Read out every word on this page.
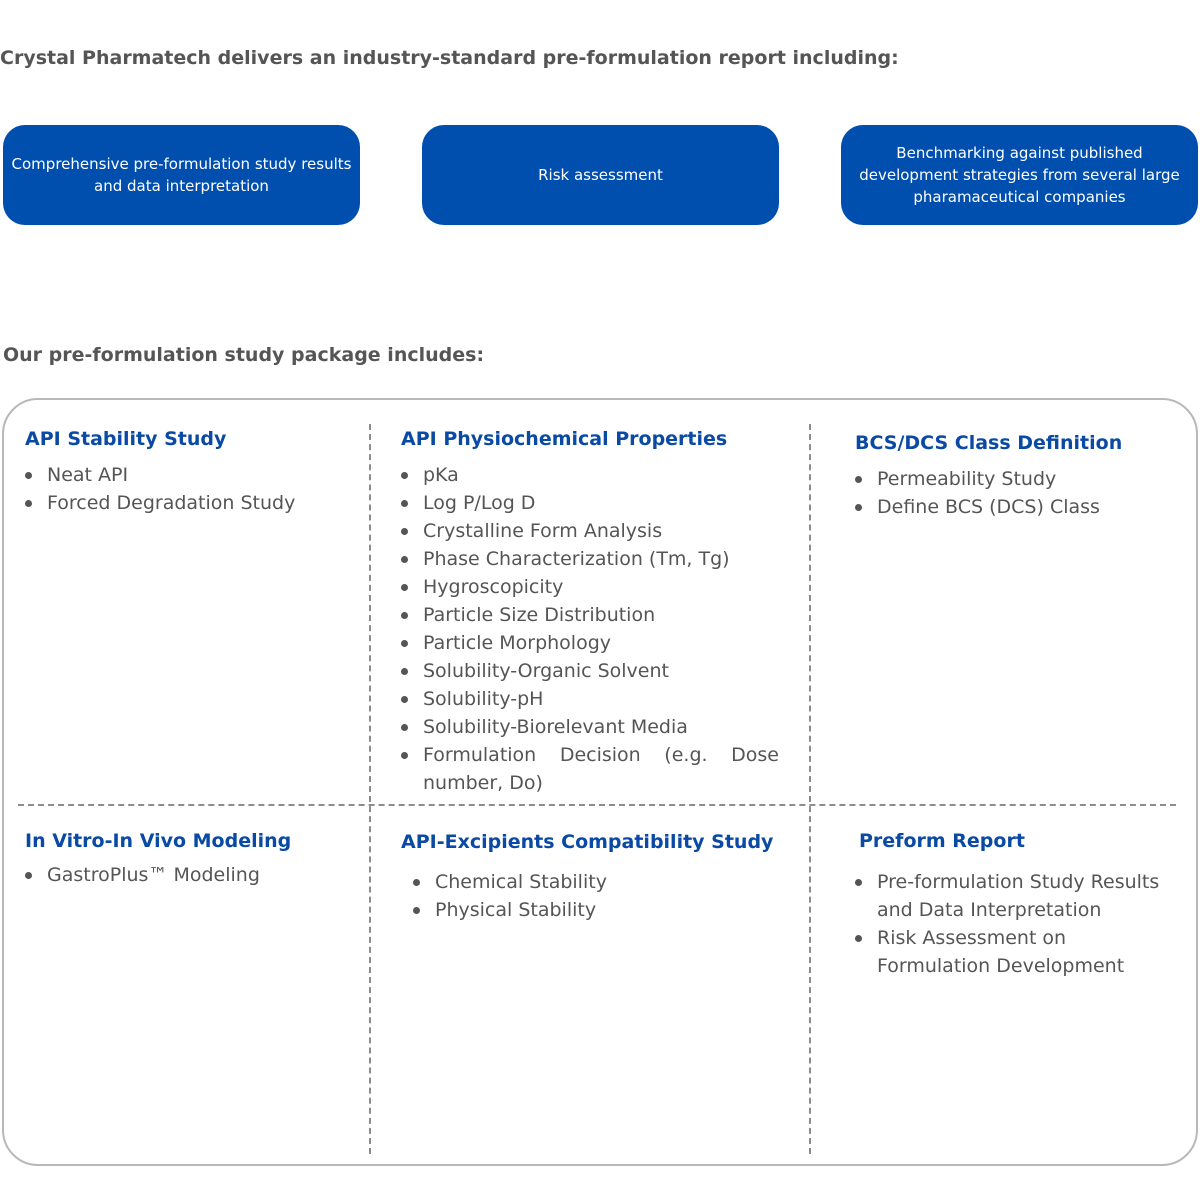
Crystal Pharmatech delivers an industry-standard pre-formulation report including:
Comprehensive pre-formulation study results and data interpretation
Risk assessment
Benchmarking against published development strategies from several large pharamaceutical companies
Our pre-formulation study package includes:
API Stability Study
Neat API
Forced Degradation Study
API Physiochemical Properties
pKa
Log P/Log D
Crystalline Form Analysis
Phase Characterization (Tm, Tg)
Hygroscopicity
Particle Size Distribution
Particle Morphology
Solubility-Organic Solvent
Solubility-pH
Solubility-Biorelevant Media
Formulation Decision (e.g. Dose number, Do)
BCS/DCS Class Definition
Permeability Study
Define BCS (DCS) Class
In Vitro-In Vivo Modeling
GastroPlus™ Modeling
API-Excipients Compatibility Study
Chemical Stability
Physical Stability
Preform Report
Pre-formulation Study Results and Data Interpretation
Risk Assessment on Formulation Development
